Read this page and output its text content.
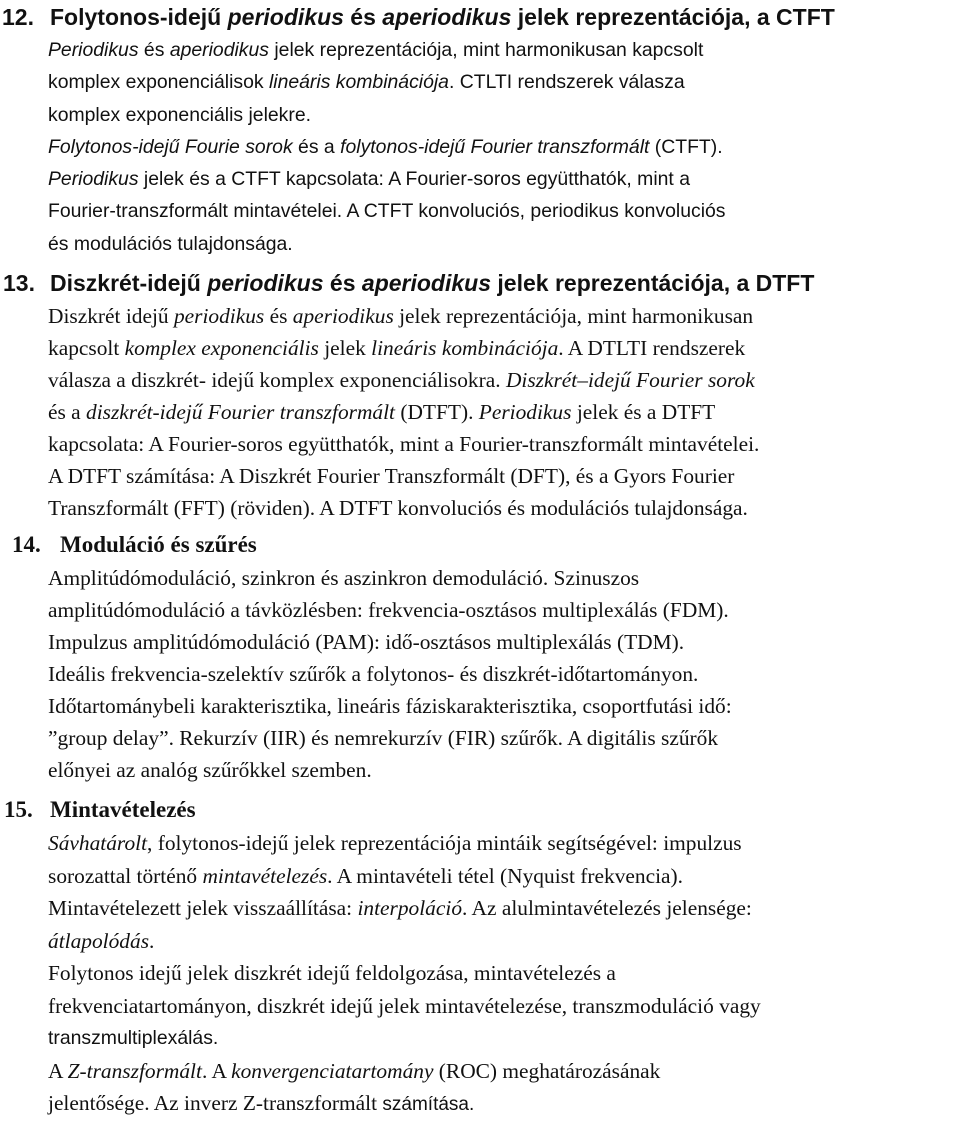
12. Folytonos-idejű periodikus és aperiodikus jelek reprezentációja, a CTFT
Periodikus és aperiodikus jelek reprezentációja, mint harmonikusan kapcsolt
komplex exponenciálisok lineáris kombinációja. CTLTI rendszerek válasza
komplex exponenciális jelekre.
Folytonos-idejű Fourie sorok és a folytonos-idejű Fourier transzformált (CTFT).
Periodikus jelek és a CTFT kapcsolata: A Fourier-soros együtthatók, mint a
Fourier-transzformált mintavételei. A CTFT konvoluciós, periodikus konvoluciós
és modulációs tulajdonsága.
13. Diszkrét-idejű periodikus és aperiodikus jelek reprezentációja, a DTFT
Diszkrét idejű periodikus és aperiodikus jelek reprezentációja, mint harmonikusan
kapcsolt komplex exponenciális jelek lineáris kombinációja. A DTLTI rendszerek
válasza a diszkrét- idejű komplex exponenciálisokra. Diszkrét–idejű Fourier sorok
és a diszkrét-idejű Fourier transzformált (DTFT). Periodikus jelek és a DTFT
kapcsolata: A Fourier-soros együtthatók, mint a Fourier-transzformált mintavételei.
A DTFT számítása: A Diszkrét Fourier Transzformált (DFT), és a Gyors Fourier
Transzformált (FFT) (röviden). A DTFT konvoluciós és modulációs tulajdonsága.
14. Moduláció és szűrés
Amplitúdómoduláció, szinkron és aszinkron demoduláció. Szinuszos
amplitúdómoduláció a távközlésben: frekvencia-osztásos multiplexálás (FDM).
Impulzus amplitúdómoduláció (PAM): idő-osztásos multiplexálás (TDM).
Ideális frekvencia-szelektív szűrők a folytonos- és diszkrét-időtartományon.
Időtartománybeli karakterisztika, lineáris fáziskarakterisztika, csoportfutási idő:
”group delay”. Rekurzív (IIR) és nemrekurzív (FIR) szűrők. A digitális szűrők
előnyei az analóg szűrőkkel szemben.
15. Mintavételezés
Sávhatárolt, folytonos-idejű jelek reprezentációja mintáik segítségével: impulzus
sorozattal történő mintavételezés. A mintavételi tétel (Nyquist frekvencia).
Mintavételezett jelek visszaállítása: interpoláció. Az alulmintavételezés jelensége:
átlapolódás.
Folytonos idejű jelek diszkrét idejű feldolgozása, mintavételezés a
frekvenciatartományon, diszkrét idejű jelek mintavételezése, transzmoduláció vagy
transzmultiplexálás.
A Z-transzformált. A konvergenciatartomány (ROC) meghatározásának
jelentősége. Az inverz Z-transzformált számítása.
